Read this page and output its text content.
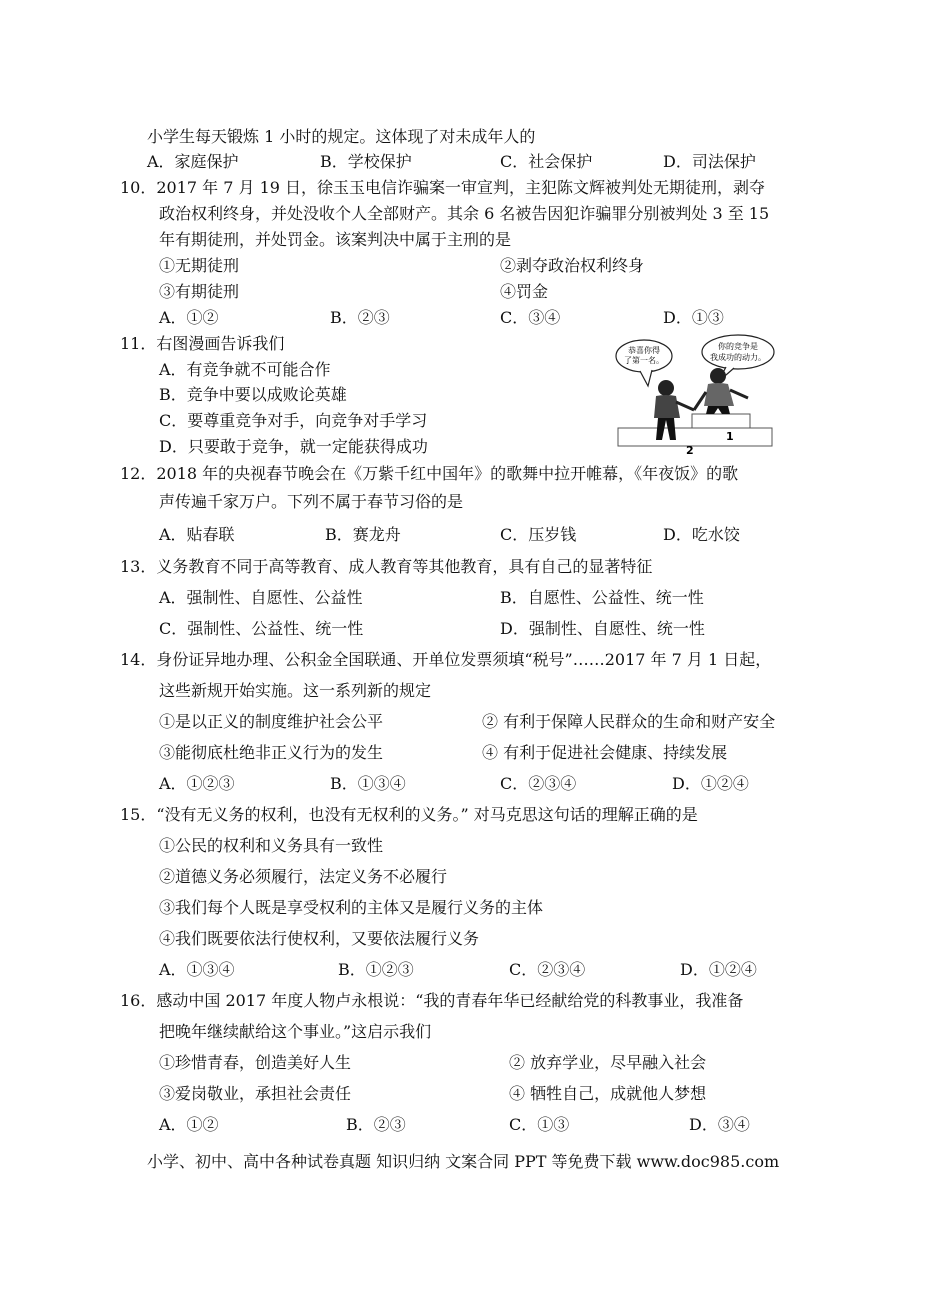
小学生每天锻炼 1 小时的规定。这体现了对未成年人的
A．家庭保护	B．学校保护	C．社会保护	D．司法保护
10．2017 年 7 月 19 日，徐玉玉电信诈骗案一审宣判，主犯陈文辉被判处无期徒刑，剥夺
政治权利终身，并处没收个人全部财产。其余 6 名被告因犯诈骗罪分别被判处 3 至 15
年有期徒刑，并处罚金。该案判决中属于主刑的是
①无期徒刑	②剥夺政治权利终身
③有期徒刑	④罚金
A．①②	B．②③	C．③④	D．①③
11．右图漫画告诉我们
A．有竞争就不可能合作
B．竞争中要以成败论英雄
C．要尊重竞争对手，向竞争对手学习
D．只要敢于竞争，就一定能获得成功
恭喜你得
了第一名。
你的竞争是
我成功的动力。
2
1
12．2018 年的央视春节晚会在《万紫千红中国年》的歌舞中拉开帷幕，《年夜饭》的歌
声传遍千家万户。下列不属于春节习俗的是
A．贴春联	B．赛龙舟	C．压岁钱	D．吃水饺
13．义务教育不同于高等教育、成人教育等其他教育，具有自己的显著特征
A．强制性、自愿性、公益性	B．自愿性、公益性、统一性
C．强制性、公益性、统一性	D．强制性、自愿性、统一性
14．身份证异地办理、公积金全国联通、开单位发票须填“税号”……2017 年 7 月 1 日起，
这些新规开始实施。这一系列新的规定
①是以正义的制度维护社会公平	② 有利于保障人民群众的生命和财产安全
③能彻底杜绝非正义行为的发生	④ 有利于促进社会健康、持续发展
A．①②③	B．①③④	C．②③④	D．①②④
15．“没有无义务的权利，也没有无权利的义务。” 对马克思这句话的理解正确的是
①公民的权利和义务具有一致性
②道德义务必须履行，法定义务不必履行
③我们每个人既是享受权利的主体又是履行义务的主体
④我们既要依法行使权利，又要依法履行义务
A．①③④	B．①②③	C．②③④	D．①②④
16．感动中国 2017 年度人物卢永根说：“我的青春年华已经献给党的科教事业，我准备
把晚年继续献给这个事业。”这启示我们
①珍惜青春，创造美好人生	② 放弃学业，尽早融入社会
③爱岗敬业，承担社会责任	④ 牺牲自己，成就他人梦想
A．①②	B．②③	C．①③	D．③④
小学、初中、高中各种试卷真题 知识归纳 文案合同 PPT 等免费下载 www.doc985.com
